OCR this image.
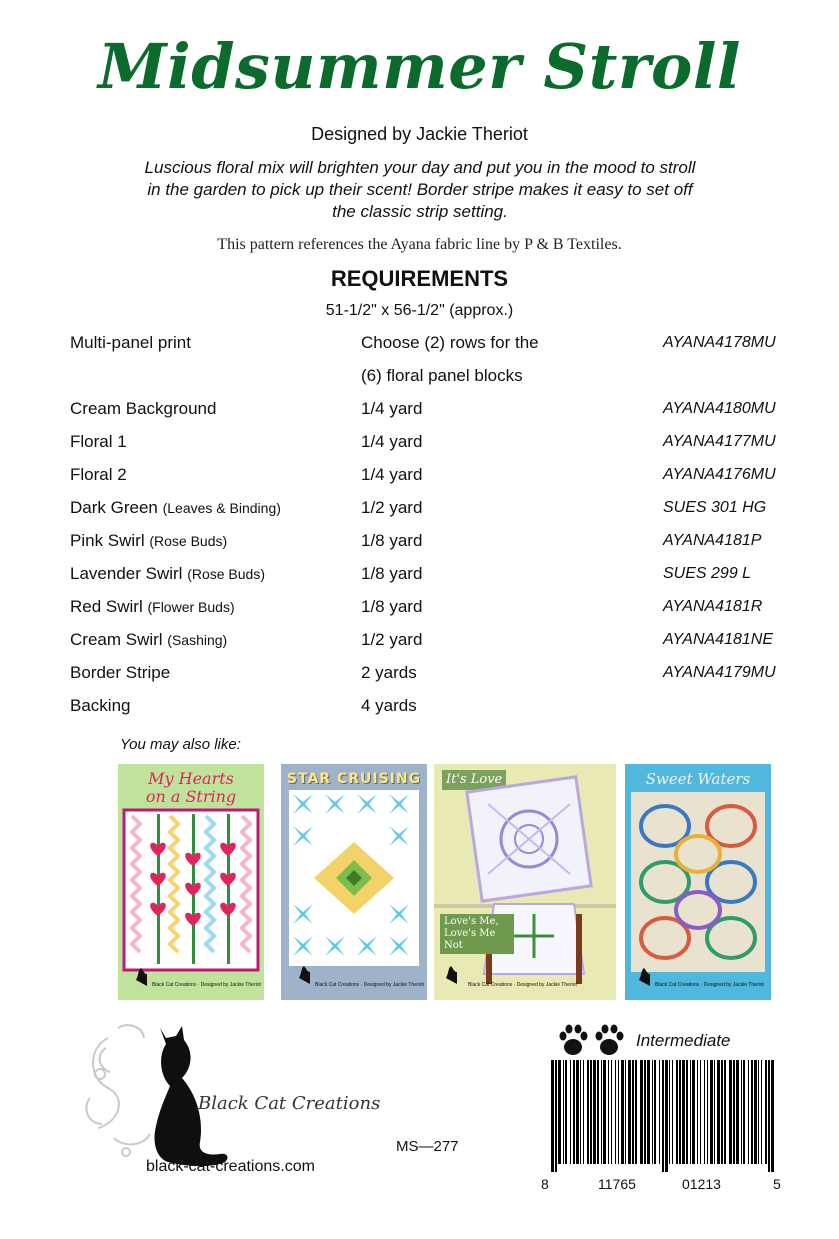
Midsummer Stroll
Designed by Jackie Theriot
Luscious floral mix will brighten your day and put you in the mood to stroll
in the garden to pick up their scent! Border stripe makes it easy to set off
the classic strip setting.
This pattern references the Ayana fabric line by P & B Textiles.
REQUIREMENTS
51-1/2" x 56-1/2" (approx.)
Multi-panel print	Choose (2) rows for the	AYANA4178MU
(6) floral panel blocks
Cream Background	1/4 yard	AYANA4180MU
Floral 1	1/4 yard	AYANA4177MU
Floral 2	1/4 yard	AYANA4176MU
Dark Green (Leaves & Binding)	1/2 yard	SUES 301 HG
Pink Swirl (Rose Buds)	1/8 yard	AYANA4181P
Lavender Swirl (Rose Buds)	1/8 yard	SUES 299 L
Red Swirl (Flower Buds)	1/8 yard	AYANA4181R
Cream Swirl (Sashing)	1/2 yard	AYANA4181NE
Border Stripe	2 yards	AYANA4179MU
Backing	4 yards
You may also like:
My Hearts
on a String
Black Cat Creations · Designed by Jackie Theriot
STAR CRUISING
Black Cat Creations · Designed by Jackie Theriot
It's Love
Love's Me,
Love's Me Not
Black Cat Creations · Designed by Jackie Theriot
Sweet Waters
Black Cat Creations · Designed by Jackie Theriot
Black Cat Creations
MS—277
black-cat-creations.com
Intermediate
8	11765	01213	5
